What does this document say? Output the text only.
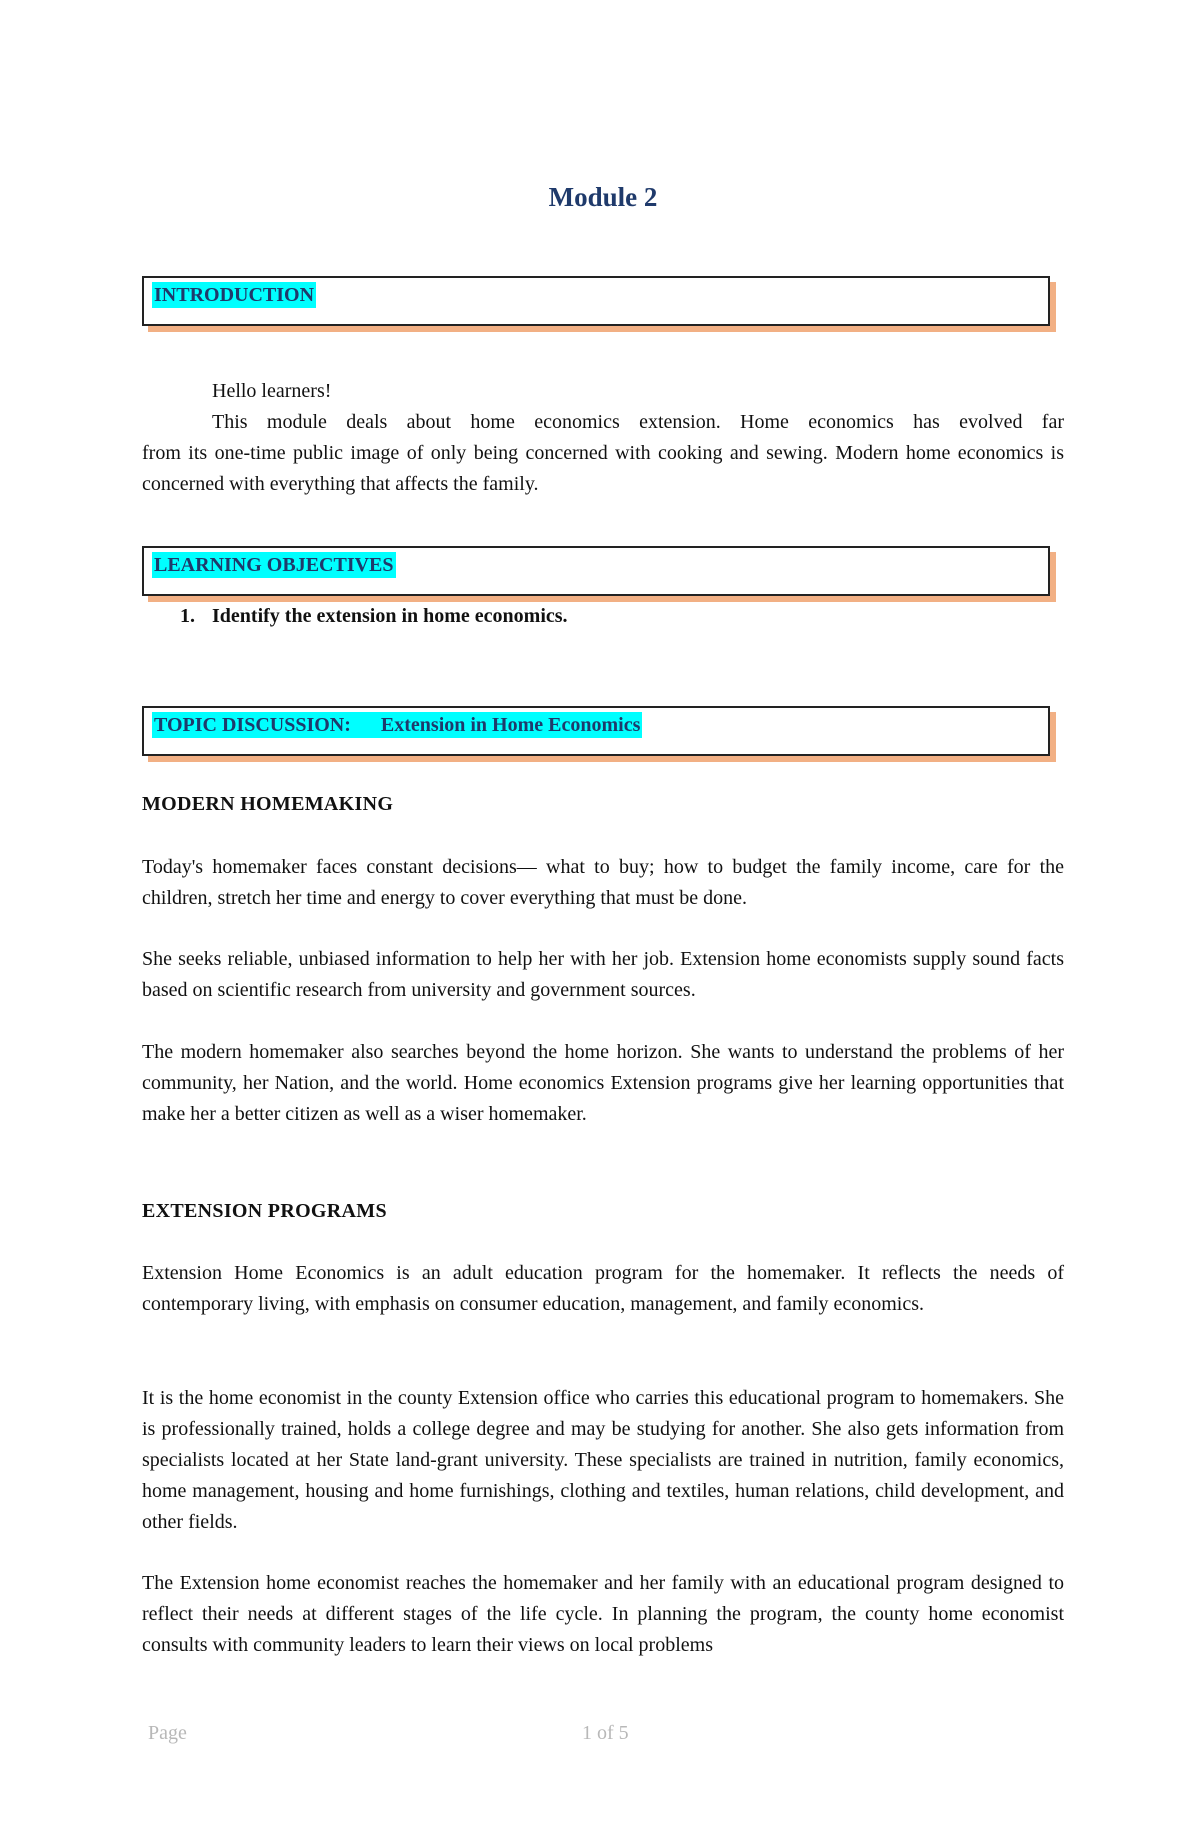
Module 2
INTRODUCTION

Hello learners!

This module deals about home economics extension. Home economics has evolved far

from its one-time public image of only being concerned with cooking and sewing. Modern home economics is concerned with everything that affects the family.

LEARNING OBJECTIVES

1. Identify the extension in home economics.

TOPIC DISCUSSION:      Extension in Home Economics

MODERN HOMEMAKING

Today's homemaker faces constant decisions— what to buy; how to budget the family income, care for the children, stretch her time and energy to cover everything that must be done.

She seeks reliable, unbiased information to help her with her job. Extension home economists supply sound facts based on scientific research from university and government sources.

The modern homemaker also searches beyond the home horizon. She wants to understand the problems of her community, her Nation, and the world. Home economics Extension programs give her learning opportunities that make her a better citizen as well as a wiser homemaker.

EXTENSION PROGRAMS

Extension Home Economics is an adult education program for the homemaker. It reflects the needs of contemporary living, with emphasis on consumer education, management, and family economics.

It is the home economist in the county Extension office who carries this educational program to homemakers. She is professionally trained, holds a college degree and may be studying for another. She also gets information from specialists located at her State land-grant university. These specialists are trained in nutrition, family economics, home management, housing and home furnishings, clothing and textiles, human relations, child development, and other fields.

The Extension home economist reaches the homemaker and her family with an educational program designed to reflect their needs at different stages of the life cycle. In planning the program, the county home economist consults with community leaders to learn their views on local problems

Page	1 of 5
